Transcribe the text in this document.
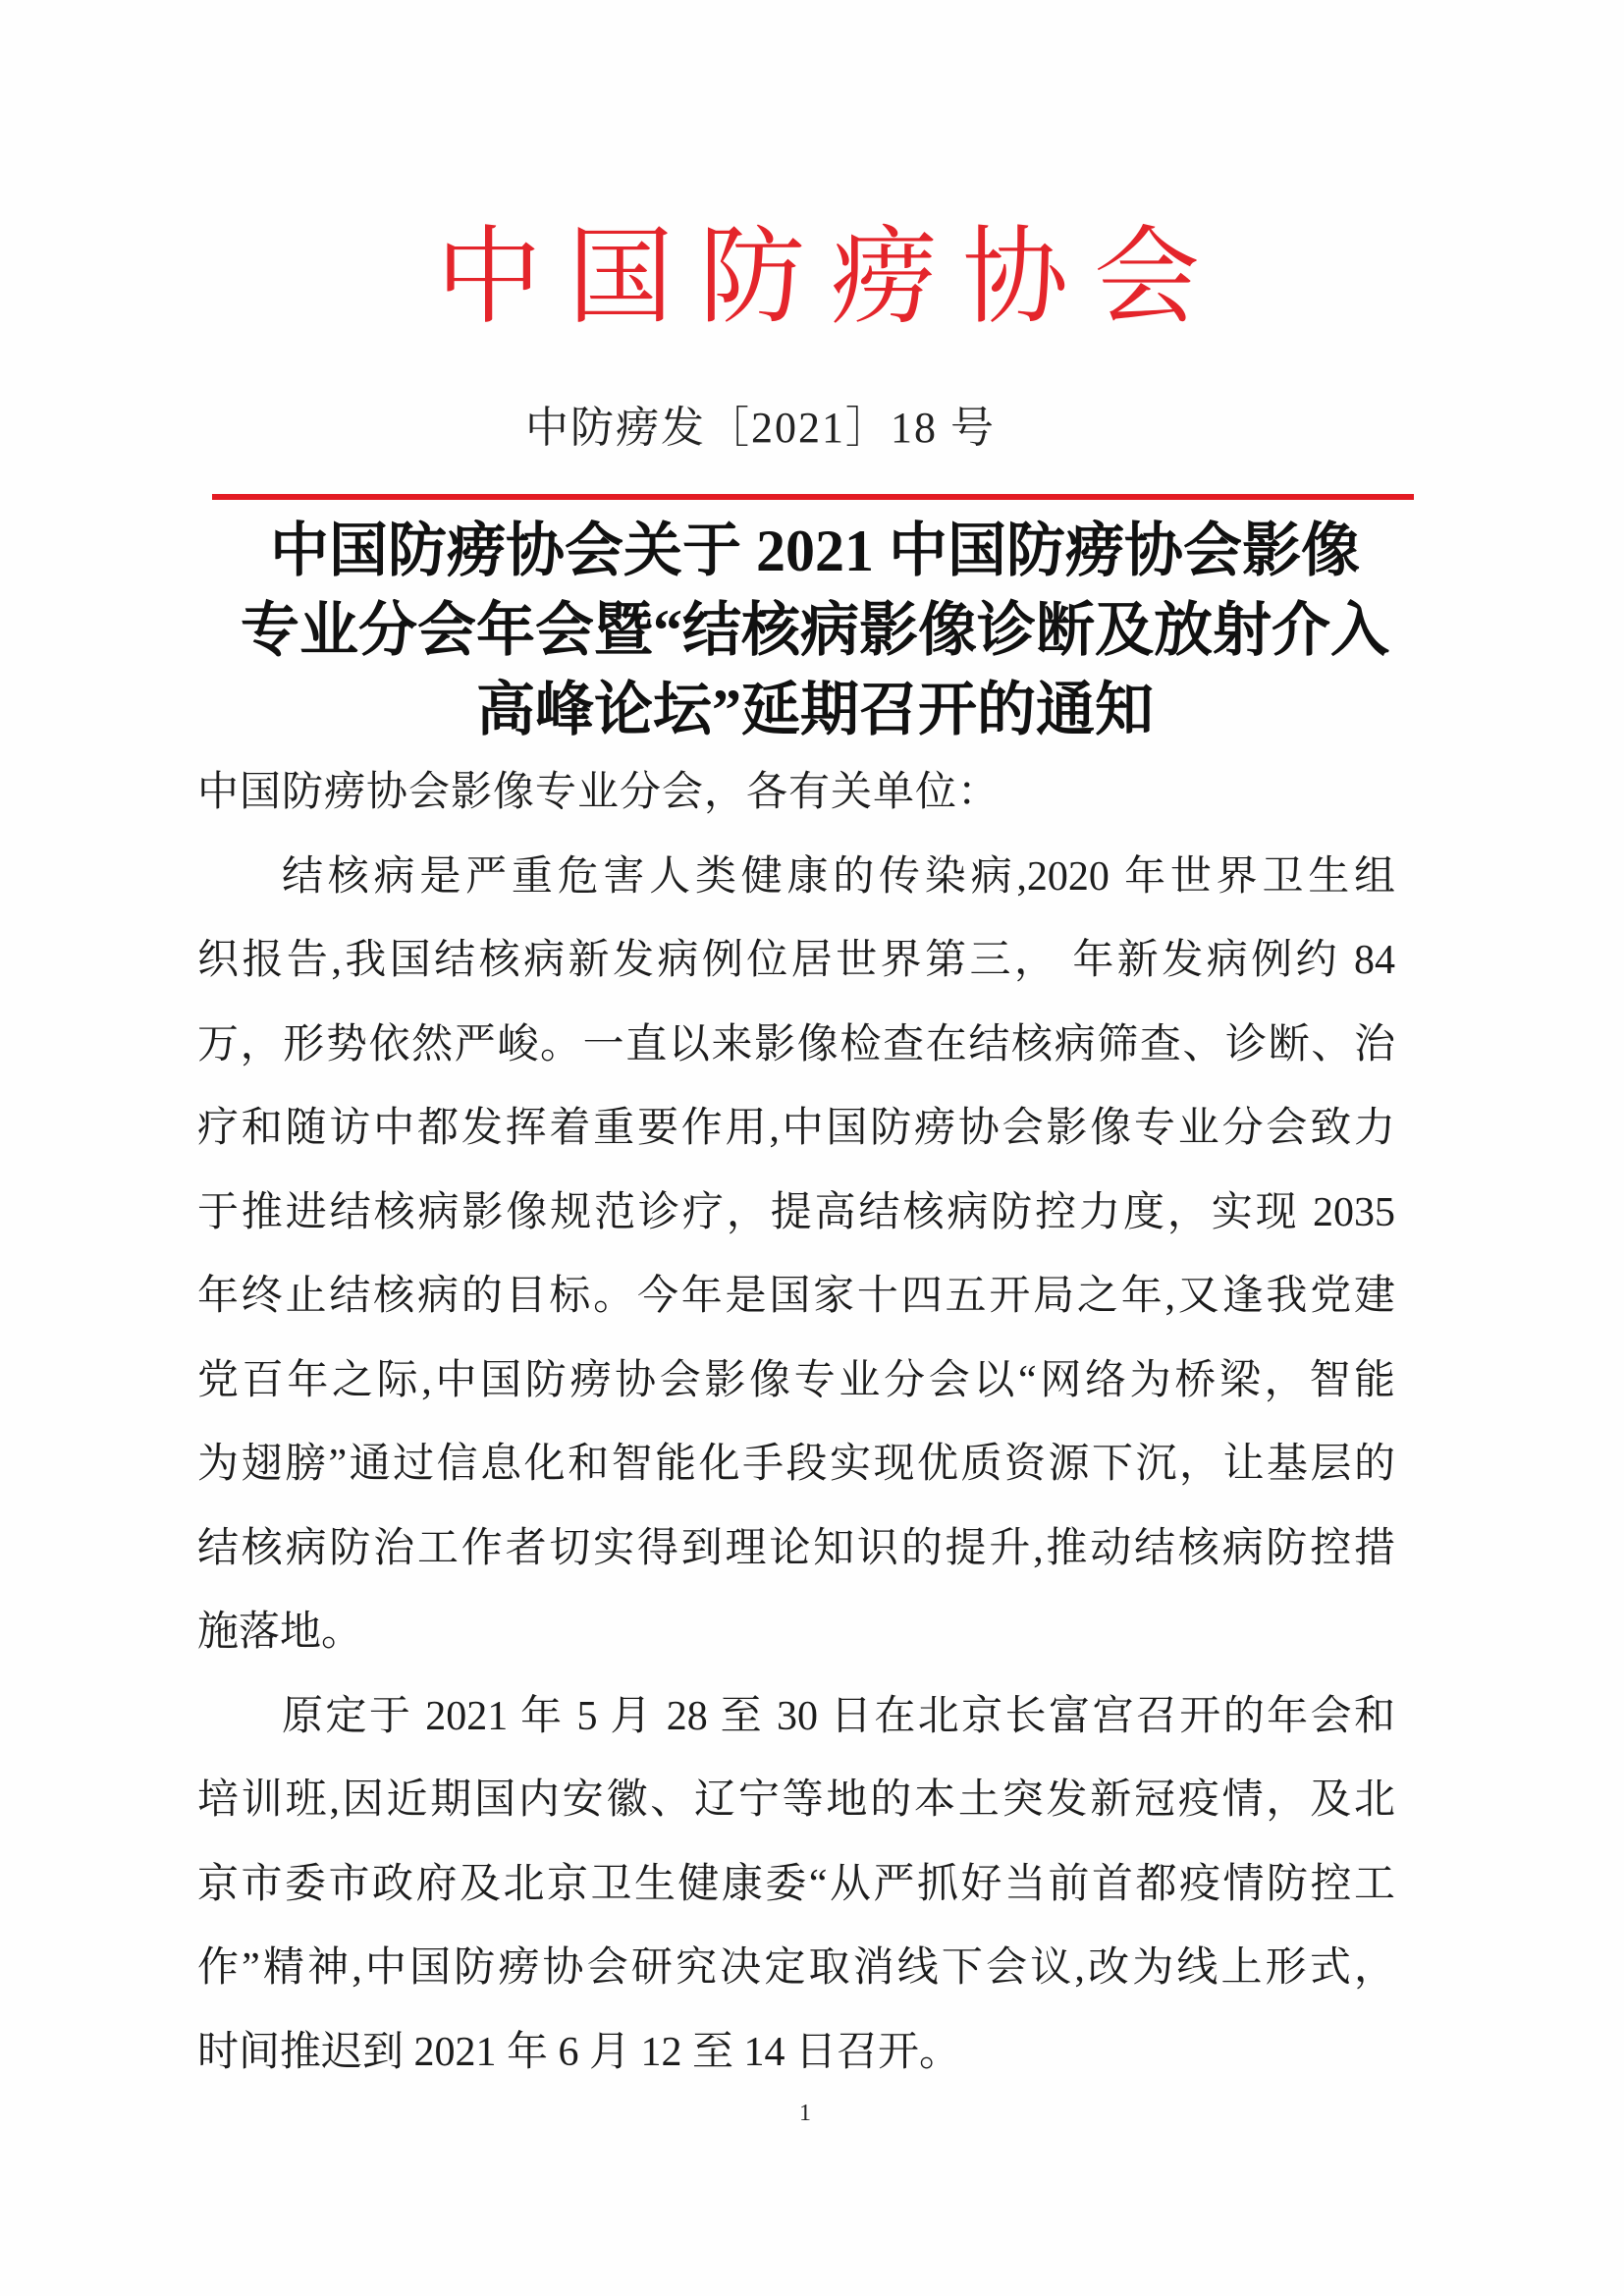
中国防痨协会
中防痨发［2021］18 号
中国防痨协会关于 2021 中国防痨协会影像
专业分会年会暨“结核病影像诊断及放射介入
高峰论坛”延期召开的通知
中国防痨协会影像专业分会，各有关单位：
结核病是严重危害人类健康的传染病,2020 年世界卫生组
织报告,我国结核病新发病例位居世界第三， 年新发病例约 84
万，形势依然严峻。一直以来影像检查在结核病筛查、诊断、治
疗和随访中都发挥着重要作用,中国防痨协会影像专业分会致力
于推进结核病影像规范诊疗，提高结核病防控力度，实现 2035
年终止结核病的目标。今年是国家十四五开局之年,又逢我党建
党百年之际,中国防痨协会影像专业分会以“网络为桥梁，智能
为翅膀”通过信息化和智能化手段实现优质资源下沉，让基层的
结核病防治工作者切实得到理论知识的提升,推动结核病防控措
施落地。
原定于 2021 年 5 月 28 至 30 日在北京长富宫召开的年会和
培训班,因近期国内安徽、辽宁等地的本土突发新冠疫情，及北
京市委市政府及北京卫生健康委“从严抓好当前首都疫情防控工
作”精神,中国防痨协会研究决定取消线下会议,改为线上形式，
时间推迟到 2021 年 6 月 12 至 14 日召开。
1
